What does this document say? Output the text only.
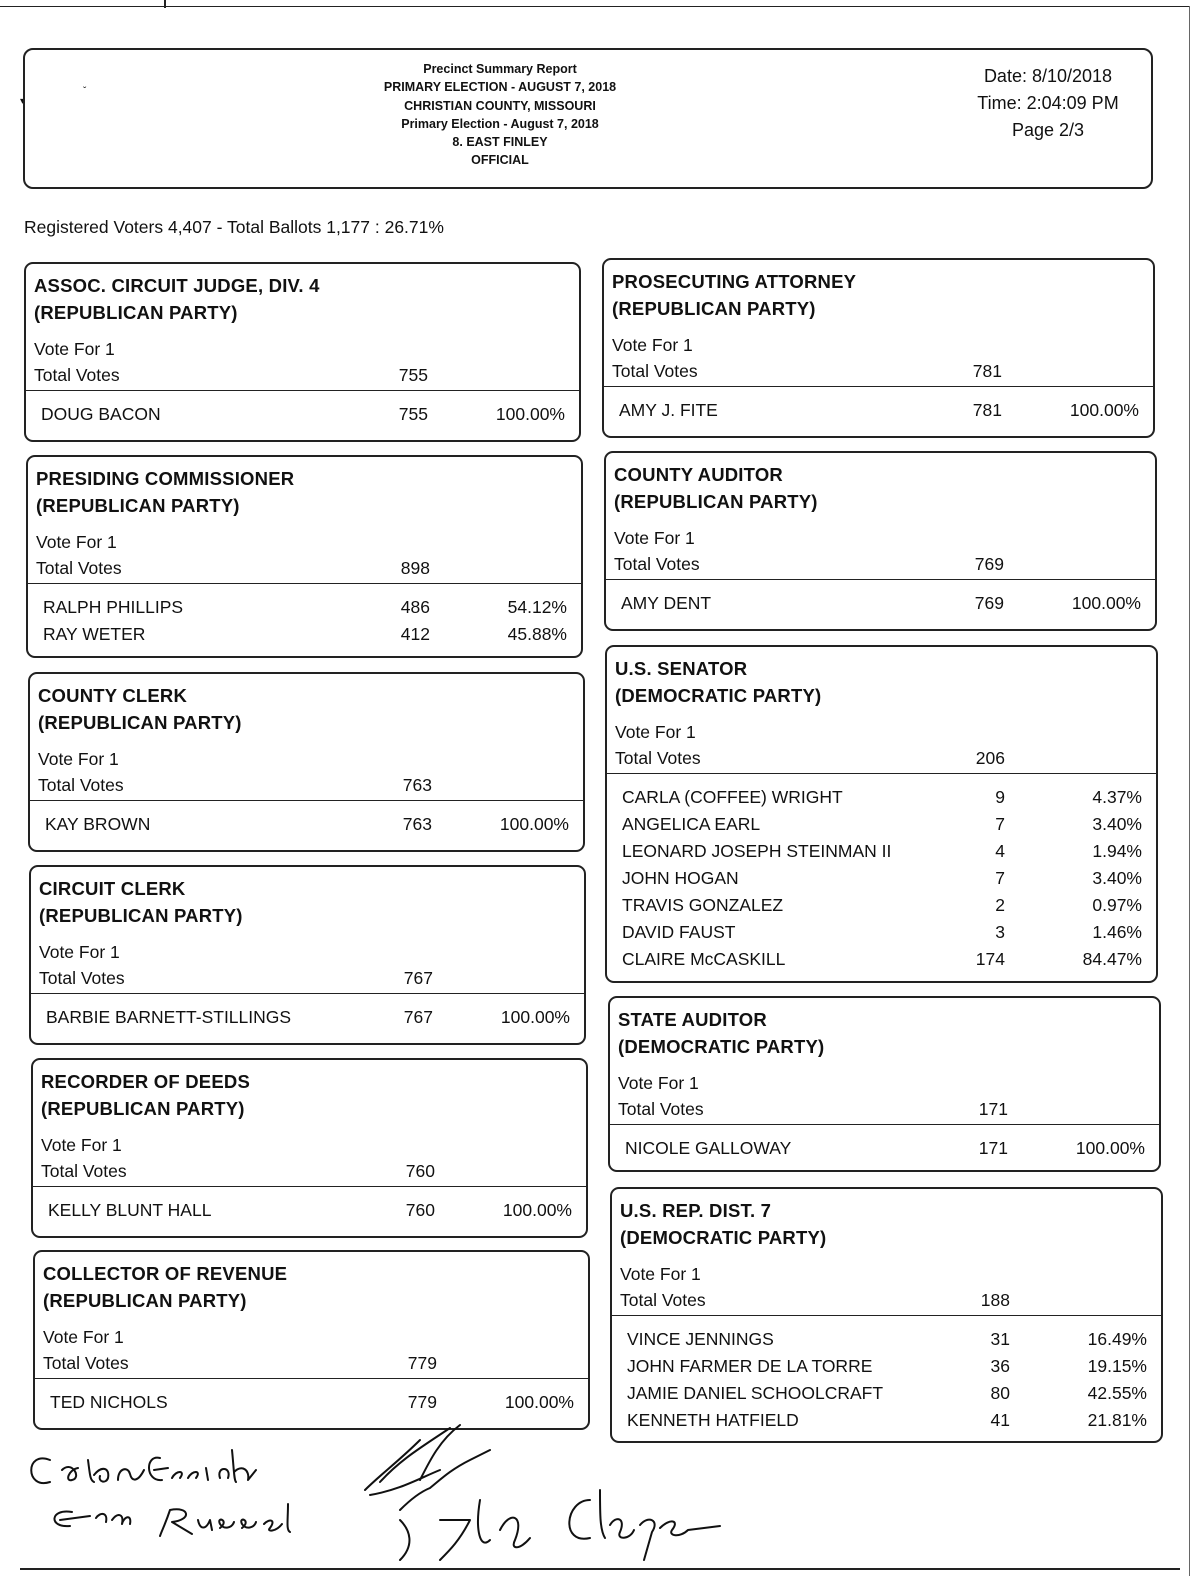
▾
ˇ
Precinct Summary Report
PRIMARY ELECTION - AUGUST 7, 2018
CHRISTIAN COUNTY, MISSOURI
Primary Election - August 7, 2018
8. EAST FINLEY
OFFICIAL
Date: 8/10/2018
Time: 2:04:09 PM
Page 2/3
Registered Voters 4,407 - Total Ballots 1,177 : 26.71%
ASSOC. CIRCUIT JUDGE, DIV. 4
(REPUBLICAN PARTY)
Vote For 1
Total Votes	755
DOUG BACON	755	100.00%
PRESIDING COMMISSIONER
(REPUBLICAN PARTY)
Vote For 1
Total Votes	898
RALPH PHILLIPS	486	54.12%
RAY WETER	412	45.88%
COUNTY CLERK
(REPUBLICAN PARTY)
Vote For 1
Total Votes	763
KAY BROWN	763	100.00%
CIRCUIT CLERK
(REPUBLICAN PARTY)
Vote For 1
Total Votes	767
BARBIE BARNETT-STILLINGS	767	100.00%
RECORDER OF DEEDS
(REPUBLICAN PARTY)
Vote For 1
Total Votes	760
KELLY BLUNT HALL	760	100.00%
COLLECTOR OF REVENUE
(REPUBLICAN PARTY)
Vote For 1
Total Votes	779
TED NICHOLS	779	100.00%
PROSECUTING ATTORNEY
(REPUBLICAN PARTY)
Vote For 1
Total Votes	781
AMY J. FITE	781	100.00%
COUNTY AUDITOR
(REPUBLICAN PARTY)
Vote For 1
Total Votes	769
AMY DENT	769	100.00%
U.S. SENATOR
(DEMOCRATIC PARTY)
Vote For 1
Total Votes	206
CARLA (COFFEE) WRIGHT	9	4.37%
ANGELICA EARL	7	3.40%
LEONARD JOSEPH STEINMAN II	4	1.94%
JOHN HOGAN	7	3.40%
TRAVIS GONZALEZ	2	0.97%
DAVID FAUST	3	1.46%
CLAIRE McCASKILL	174	84.47%
STATE AUDITOR
(DEMOCRATIC PARTY)
Vote For 1
Total Votes	171
NICOLE GALLOWAY	171	100.00%
U.S. REP. DIST. 7
(DEMOCRATIC PARTY)
Vote For 1
Total Votes	188
VINCE JENNINGS	31	16.49%
JOHN FARMER DE LA TORRE	36	19.15%
JAMIE DANIEL SCHOOLCRAFT	80	42.55%
KENNETH HATFIELD	41	21.81%
